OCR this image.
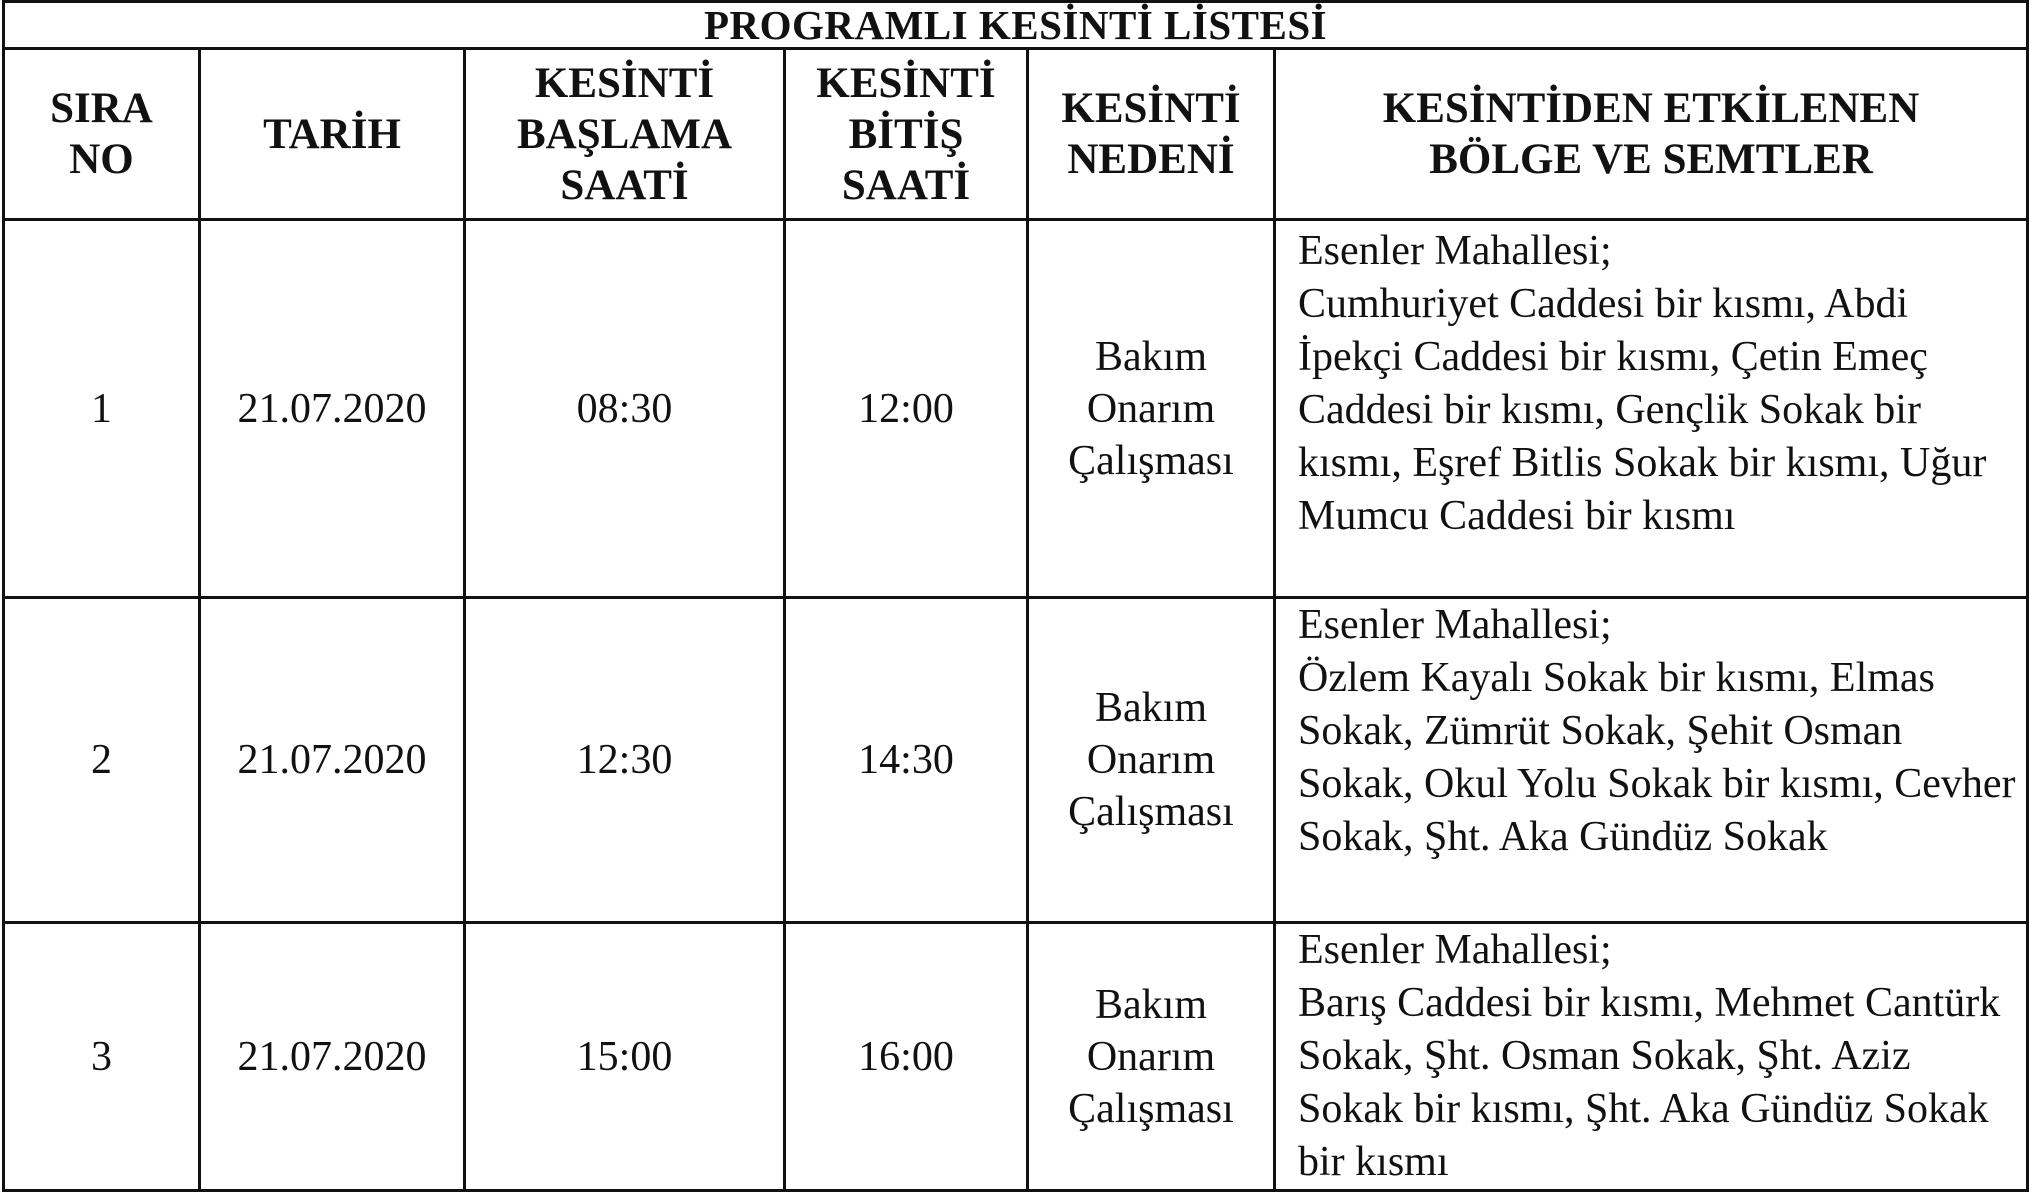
PROGRAMLI KESİNTİ LİSTESİ					

SIRA
NO	TARİH	KESİNTİ
BAŞLAMA
SAATİ	KESİNTİ
BİTİŞ
SAATİ	KESİNTİ
NEDENİ	KESİNTİDEN ETKİLENEN
BÖLGE VE SEMTLER

1	21.07.2020	08:30	12:00	Bakım
Onarım
Çalışması	Esenler Mahallesi;
Cumhuriyet Caddesi bir kısmı, Abdi İpekçi Caddesi bir kısmı, Çetin Emeç Caddesi bir kısmı, Gençlik Sokak bir kısmı, Eşref Bitlis Sokak bir kısmı, Uğur Mumcu Caddesi bir kısmı

2	21.07.2020	12:30	14:30	Bakım
Onarım
Çalışması	Esenler Mahallesi;
Özlem Kayalı Sokak bir kısmı, Elmas Sokak, Zümrüt Sokak, Şehit Osman Sokak, Okul Yolu Sokak bir kısmı, Cevher Sokak, Şht. Aka Gündüz Sokak

3	21.07.2020	15:00	16:00	Bakım
Onarım
Çalışması	Esenler Mahallesi;
Barış Caddesi bir kısmı, Mehmet Cantürk Sokak, Şht. Osman Sokak, Şht. Aziz Sokak bir kısmı, Şht. Aka Gündüz Sokak bir kısmı
